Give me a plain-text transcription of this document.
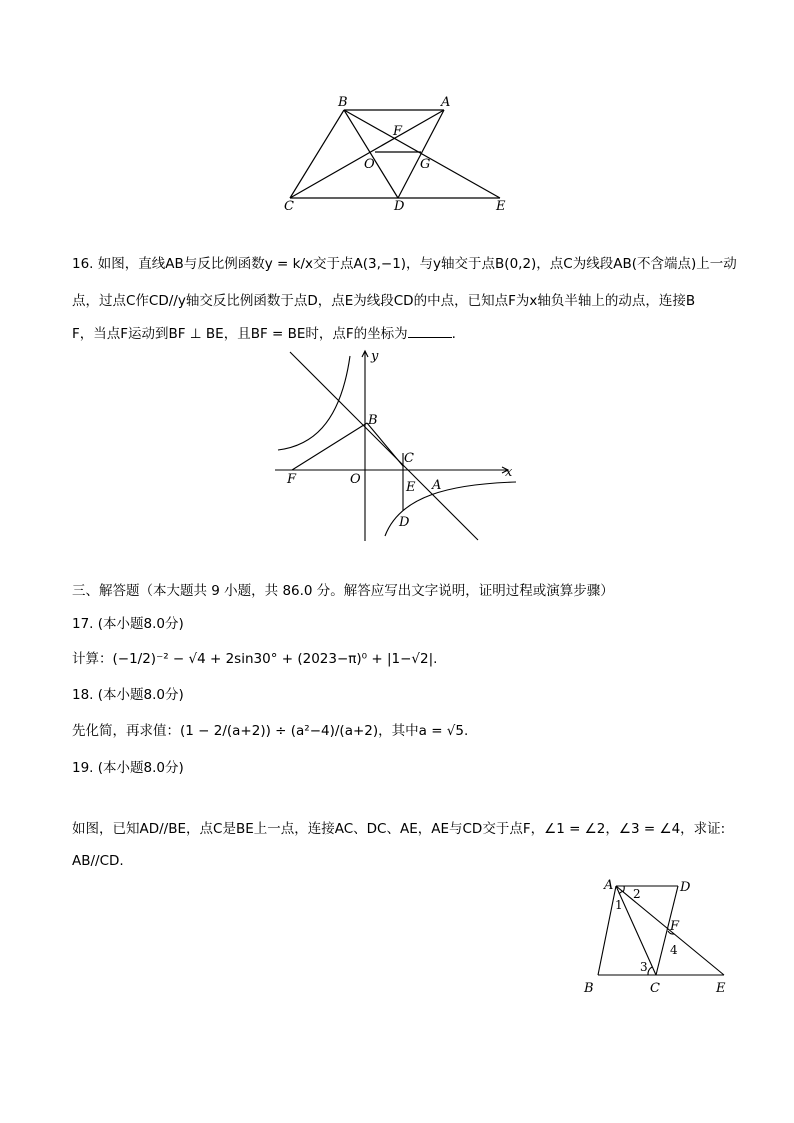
B	A
F
O	G
C	D	E
16. 如图，直线AB与反比例函数y = k/x交于点A(3,−1)，与y轴交于点B(0,2)，点C为线段AB(不含端点)上一动
点，过点C作CD//y轴交反比例函数于点D，点E为线段CD的中点，已知点F为x轴负半轴上的动点，连接B
F，当点F运动到BF ⊥ BE，且BF = BE时，点F的坐标为	.
y
x
B
C
E A
F	O
D
三、解答题（本大题共 9 小题，共 86.0 分。解答应写出文字说明，证明过程或演算步骤）
17. (本小题8.0分)
计算：(−1/2)⁻² − √4 + 2sin30° + (2023−π)⁰ + |1−√2|.
18. (本小题8.0分)
先化简，再求值：(1 − 2/(a+2)) ÷ (a²−4)/(a+2)，其中a = √5.
19. (本小题8.0分)
如图，已知AD//BE，点C是BE上一点，连接AC、DC、AE，AE与CD交于点F，∠1 = ∠2，∠3 = ∠4，求证:
AB//CD.
A	D
B	C	E
F
1
2
3
4
